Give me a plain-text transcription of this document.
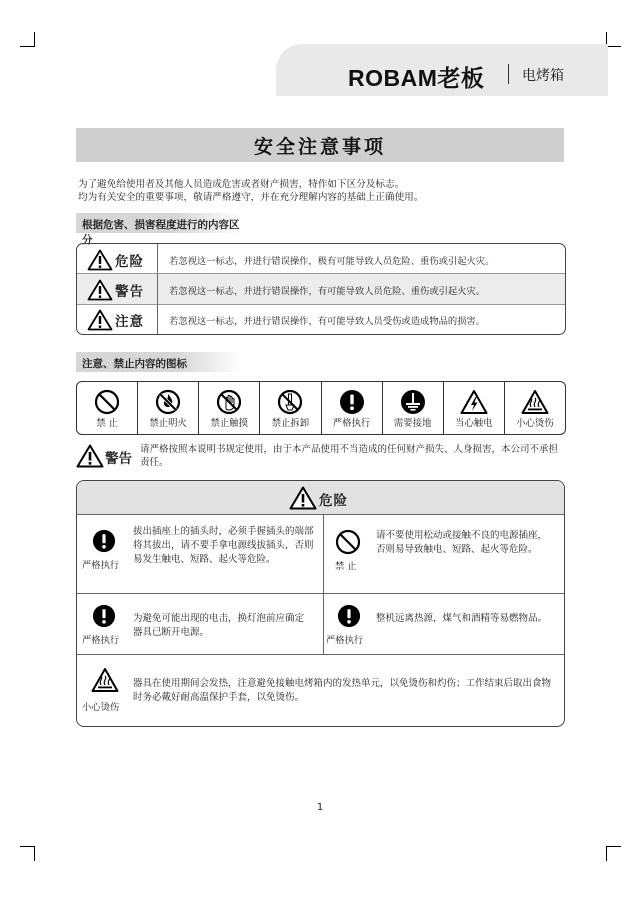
ROBAM老板	电烤箱
安全注意事项
为了避免给使用者及其他人员造成危害或者财产损害，特作如下区分及标志。
均为有关安全的重要事项，敬请严格遵守，并在充分理解内容的基础上正确使用。
根据危害、损害程度进行的内容区分
危险	若忽视这一标志，并进行错误操作，极有可能导致人员危险、重伤或引起火灾。
警告	若忽视这一标志，并进行错误操作，有可能导致人员危险、重伤或引起火灾。
注意	若忽视这一标志，并进行错误操作，有可能导致人员受伤或造成物品的损害。
注意、禁止内容的图标
禁 止	禁止明火	禁止触摸	禁止拆卸	严格执行	需要接地	当心触电	小心烫伤
警告
请严格按照本说明书规定使用，由于本产品使用不当造成的任何财产损失、人身损害，本公司不承担责任。
危险
严格执行
拔出插座上的插头时，必须手握插头的端部将其拔出，请不要手拿电源线拔插头，否则易发生触电、短路、起火等危险。
禁 止
请不要使用松动或接触不良的电源插座，否则易导致触电、短路、起火等危险。
严格执行
为避免可能出现的电击，换灯泡前应确定器具已断开电源。
严格执行
整机远离热源，煤气和酒精等易燃物品。
小心烫伤
器具在使用期间会发热，注意避免接触电烤箱内的发热单元，以免烫伤和灼伤；工作结束后取出食物时务必戴好耐高温保护手套，以免烫伤。
1
